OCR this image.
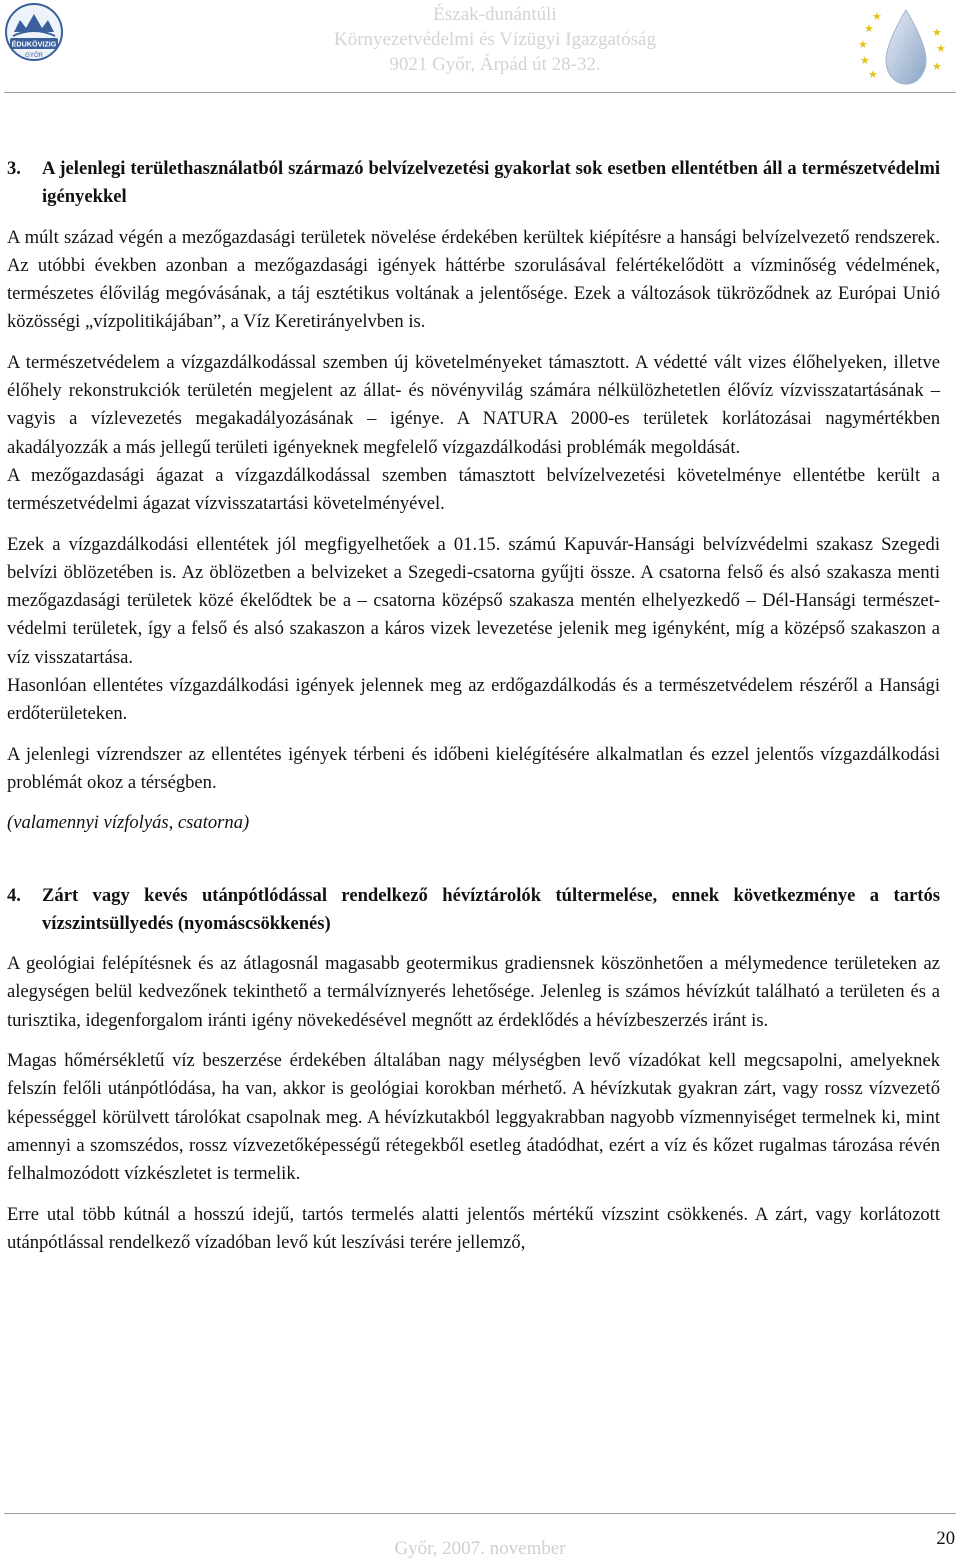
ÉDUKÖVIZIG
GYŐR
Észak-dunántúli
Környezetvédelmi és Vízügyi Igazgatóság
9021 Győr, Árpád út 28-32.
★
★
★
★
★
★
★
★
3.	A jelenlegi területhasználatból származó belvízelvezetési gyakorlat sok esetben ellentétben áll a természetvédelmi igényekkel

A múlt század végén a mezőgazdasági területek növelése érdekében kerültek kiépítésre a hansági belvízelvezető rendszerek. Az utóbbi években azonban a mezőgazdasági igények háttérbe szorulásával felértékelődött a vízminőség védelmének, természetes élővilág megóvásának, a táj esztétikus voltának a jelentősége. Ezek a változások tükröződnek az Európai Unió közösségi „vízpolitikájában”, a Víz Keretirányelvben is.

A természetvédelem a vízgazdálkodással szemben új követelményeket támasztott. A védetté vált vizes élőhelyeken, illetve élőhely rekonstrukciók területén megjelent az állat- és növényvilág számára nélkülözhetetlen élővíz vízvisszatartásának – vagyis a vízlevezetés megakadályozásának – igénye. A NATURA 2000-es területek korlátozásai nagymértékben akadályozzák a más jellegű területi igényeknek megfelelő vízgazdálkodási problémák megoldását.

A mezőgazdasági ágazat a vízgazdálkodással szemben támasztott belvízelvezetési követelménye ellentétbe került a természetvédelmi ágazat vízvisszatartási követelményével.

Ezek a vízgazdálkodási ellentétek jól megfigyelhetőek a 01.15. számú Kapuvár-Hansági belvízvédelmi szakasz Szegedi belvízi öblözetében is. Az öblözetben a belvizeket a Szegedi-csatorna gyűjti össze. A csatorna felső és alsó szakasza menti mezőgazdasági területek közé ékelődtek be a – csatorna középső szakasza mentén elhelyezkedő – Dél-Hansági természet-védelmi területek, így a felső és alsó szakaszon a káros vizek levezetése jelenik meg igényként, míg a középső szakaszon a víz visszatartása.

Hasonlóan ellentétes vízgazdálkodási igények jelennek meg az erdőgazdálkodás és a természetvédelem részéről a Hansági erdőterületeken.

A jelenlegi vízrendszer az ellentétes igények térbeni és időbeni kielégítésére alkalmatlan és ezzel jelentős vízgazdálkodási problémát okoz a térségben.

(valamennyi vízfolyás, csatorna)

4.	Zárt vagy kevés utánpótlódással rendelkező hévíztárolók túltermelése, ennek következménye a tartós vízszintsüllyedés (nyomáscsökkenés)

A geológiai felépítésnek és az átlagosnál magasabb geotermikus gradiensnek köszönhetően a mélymedence területeken az alegységen belül kedvezőnek tekinthető a termálvíznyerés lehetősége. Jelenleg is számos hévízkút található a területen és a turisztika, idegenforgalom iránti igény növekedésével megnőtt az érdeklődés a hévízbeszerzés iránt is.

Magas hőmérsékletű víz beszerzése érdekében általában nagy mélységben levő vízadókat kell megcsapolni, amelyeknek felszín felőli utánpótlódása, ha van, akkor is geológiai korokban mérhető. A hévízkutak gyakran zárt, vagy rossz vízvezető képességgel körülvett tárolókat csapolnak meg. A hévízkutakból leggyakrabban nagyobb vízmennyiséget termelnek ki, mint amennyi a szomszédos, rossz vízvezetőképességű rétegekből esetleg átadódhat, ezért a víz és kőzet rugalmas tározása révén felhalmozódott vízkészletet is termelik.

Erre utal több kútnál a hosszú idejű, tartós termelés alatti jelentős mértékű vízszint csökkenés. A zárt, vagy korlátozott utánpótlással rendelkező vízadóban levő kút leszívási terére jellemző,

Győr, 2007. november	20
